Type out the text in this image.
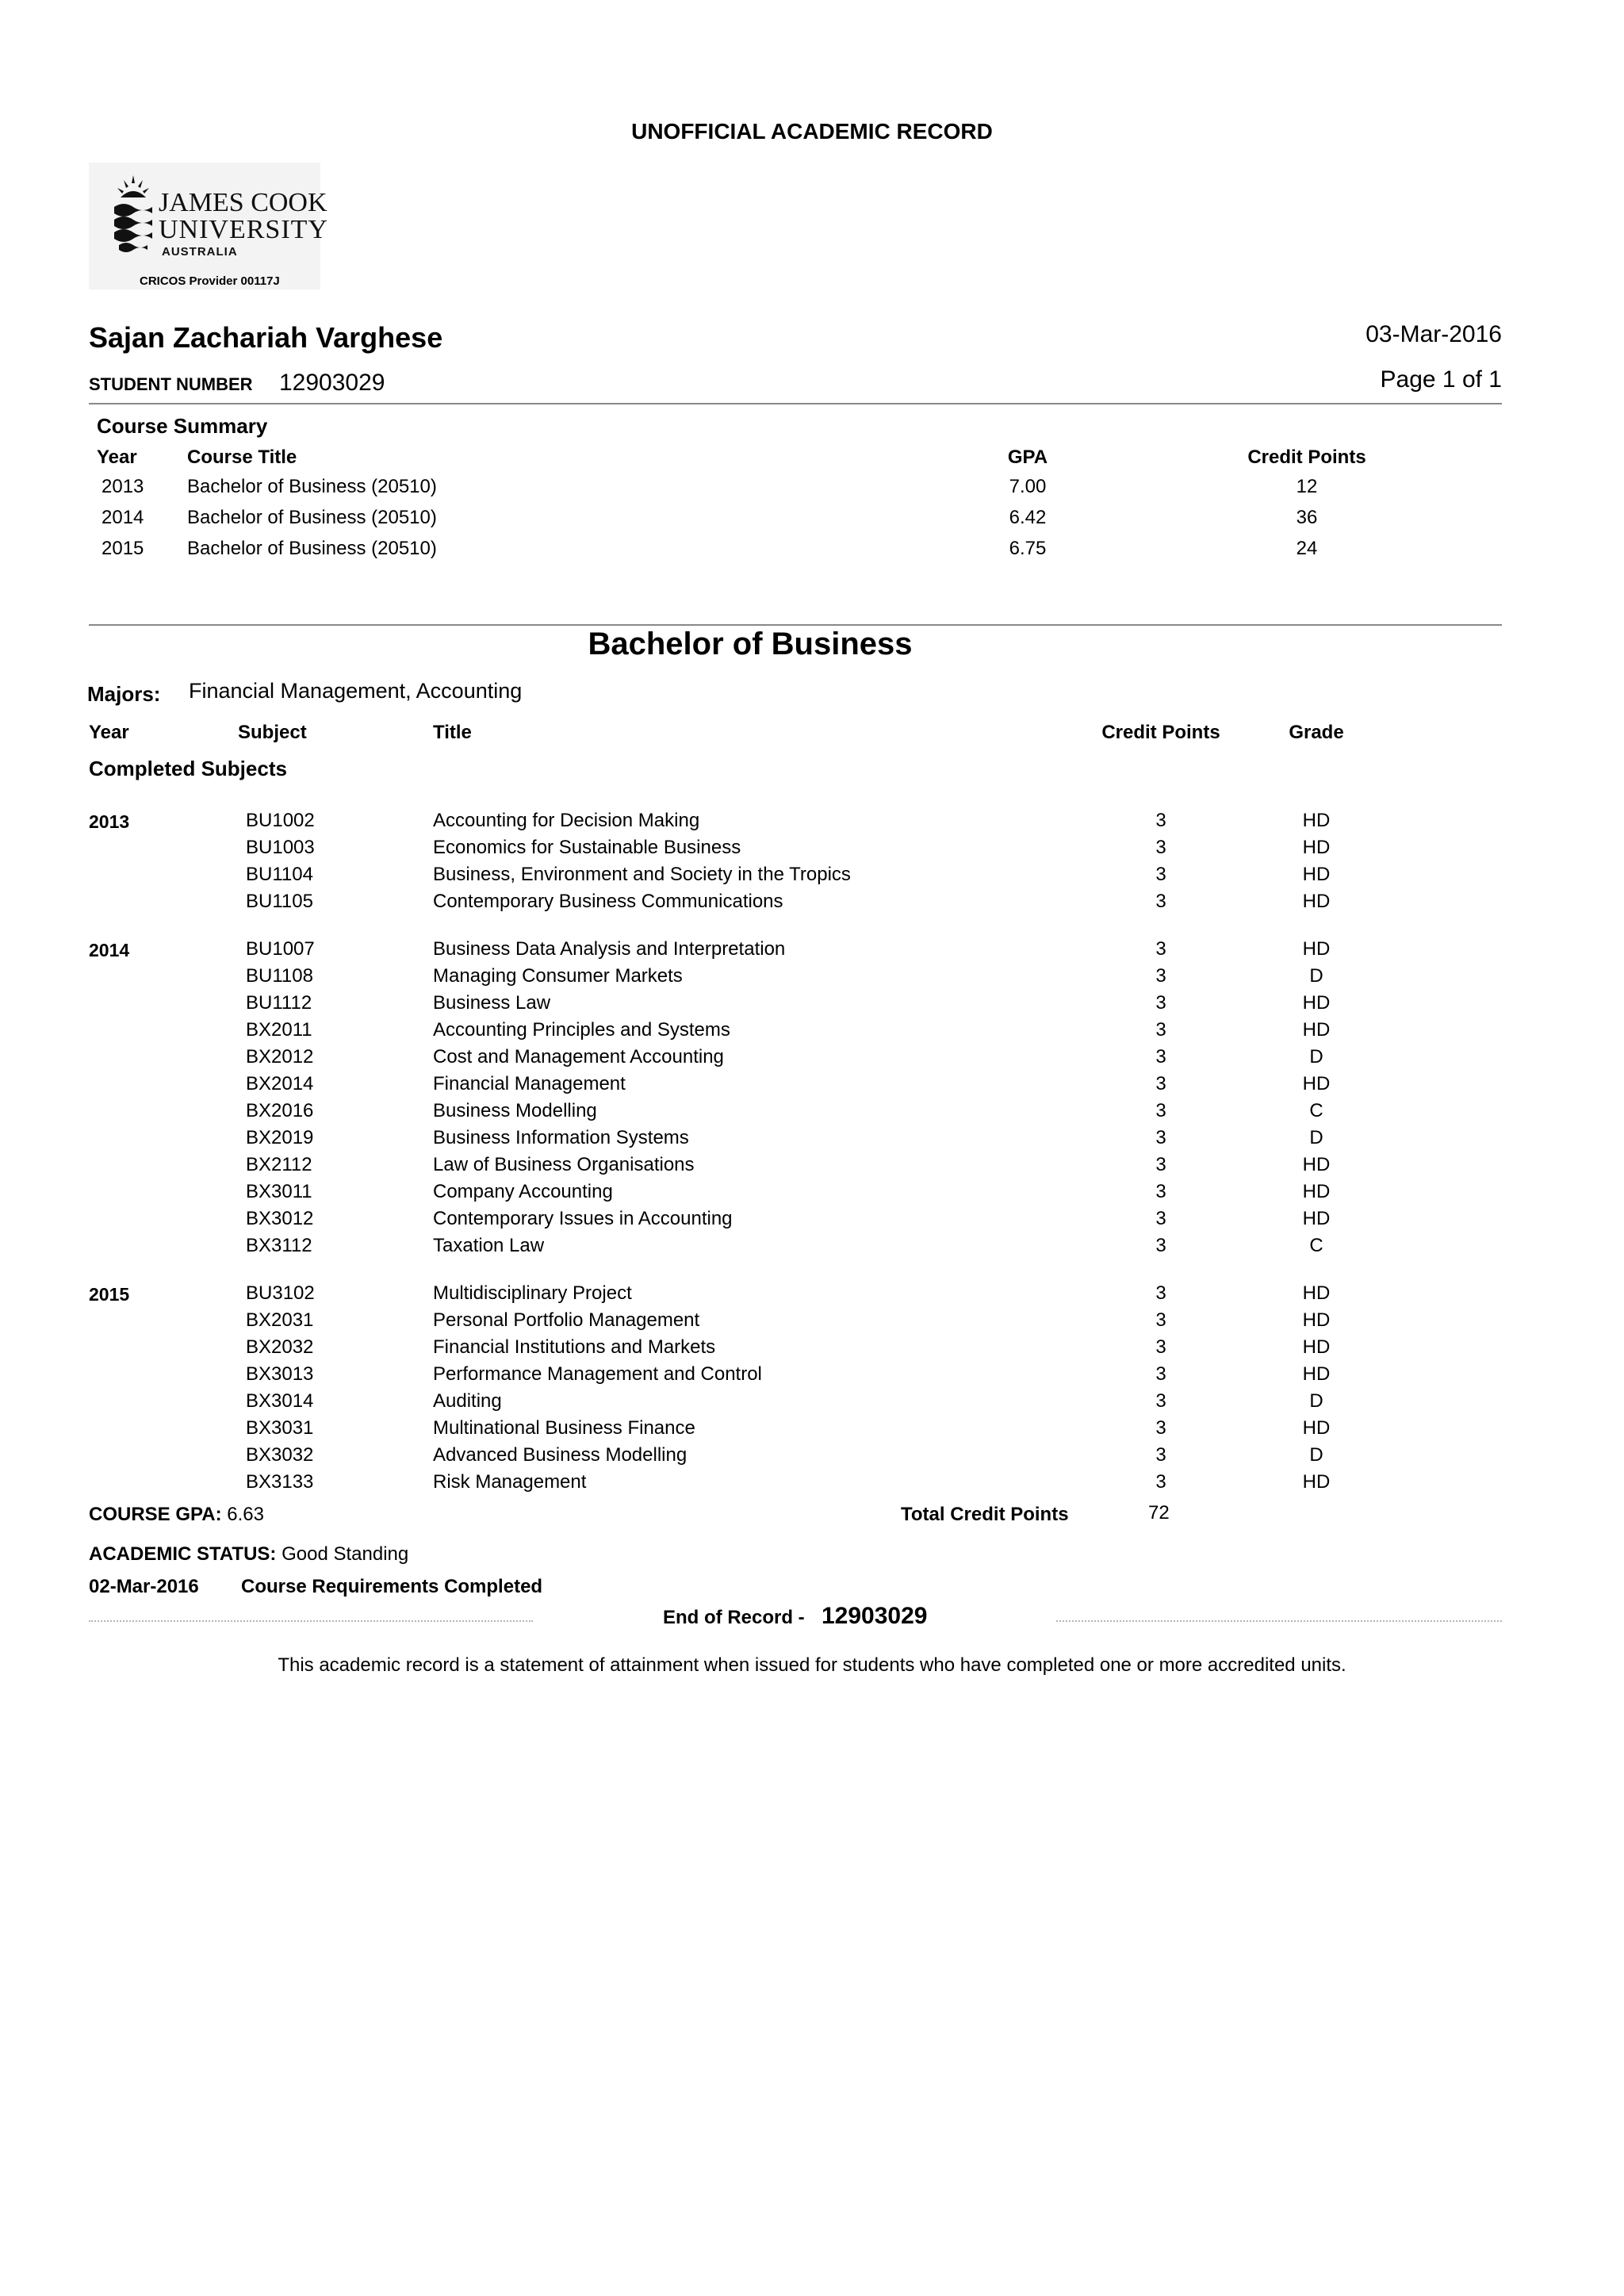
UNOFFICIAL ACADEMIC RECORD
JAMES COOK
UNIVERSITY
AUSTRALIA
CRICOS Provider 00117J
Sajan Zachariah Varghese	03-Mar-2016
STUDENT NUMBER 12903029	Page 1 of 1
Course Summary
Year	Course Title	GPA	Credit Points
2013 Bachelor of Business (20510)	7.00	12
2014 Bachelor of Business (20510)	6.42	36
2015 Bachelor of Business (20510)	6.75	24
Bachelor of Business
Majors: Financial Management, Accounting
Year	Subject	Title	Credit Points	Grade
Completed Subjects
2013	BU1002	Accounting for Decision Making	3	HD
BU1003	Economics for Sustainable Business	3	HD
BU1104	Business, Environment and Society in the Tropics	3	HD
BU1105	Contemporary Business Communications	3	HD
2014	BU1007	Business Data Analysis and Interpretation	3	HD
BU1108	Managing Consumer Markets	3	D
BU1112	Business Law	3	HD
BX2011	Accounting Principles and Systems	3	HD
BX2012	Cost and Management Accounting	3	D
BX2014	Financial Management	3	HD
BX2016	Business Modelling	3	C
BX2019	Business Information Systems	3	D
BX2112	Law of Business Organisations	3	HD
BX3011	Company Accounting	3	HD
BX3012	Contemporary Issues in Accounting	3	HD
BX3112	Taxation Law	3	C
2015	BU3102	Multidisciplinary Project	3	HD
BX2031	Personal Portfolio Management	3	HD
BX2032	Financial Institutions and Markets	3	HD
BX3013	Performance Management and Control	3	HD
BX3014	Auditing	3	D
BX3031	Multinational Business Finance	3	HD
BX3032	Advanced Business Modelling	3	D
BX3133	Risk Management	3	HD
COURSE GPA: 6.63	Total Credit Points	72
ACADEMIC STATUS: Good Standing
02-Mar-2016 Course Requirements Completed
End of Record - 12903029
This academic record is a statement of attainment when issued for students who have completed one or more accredited units.
